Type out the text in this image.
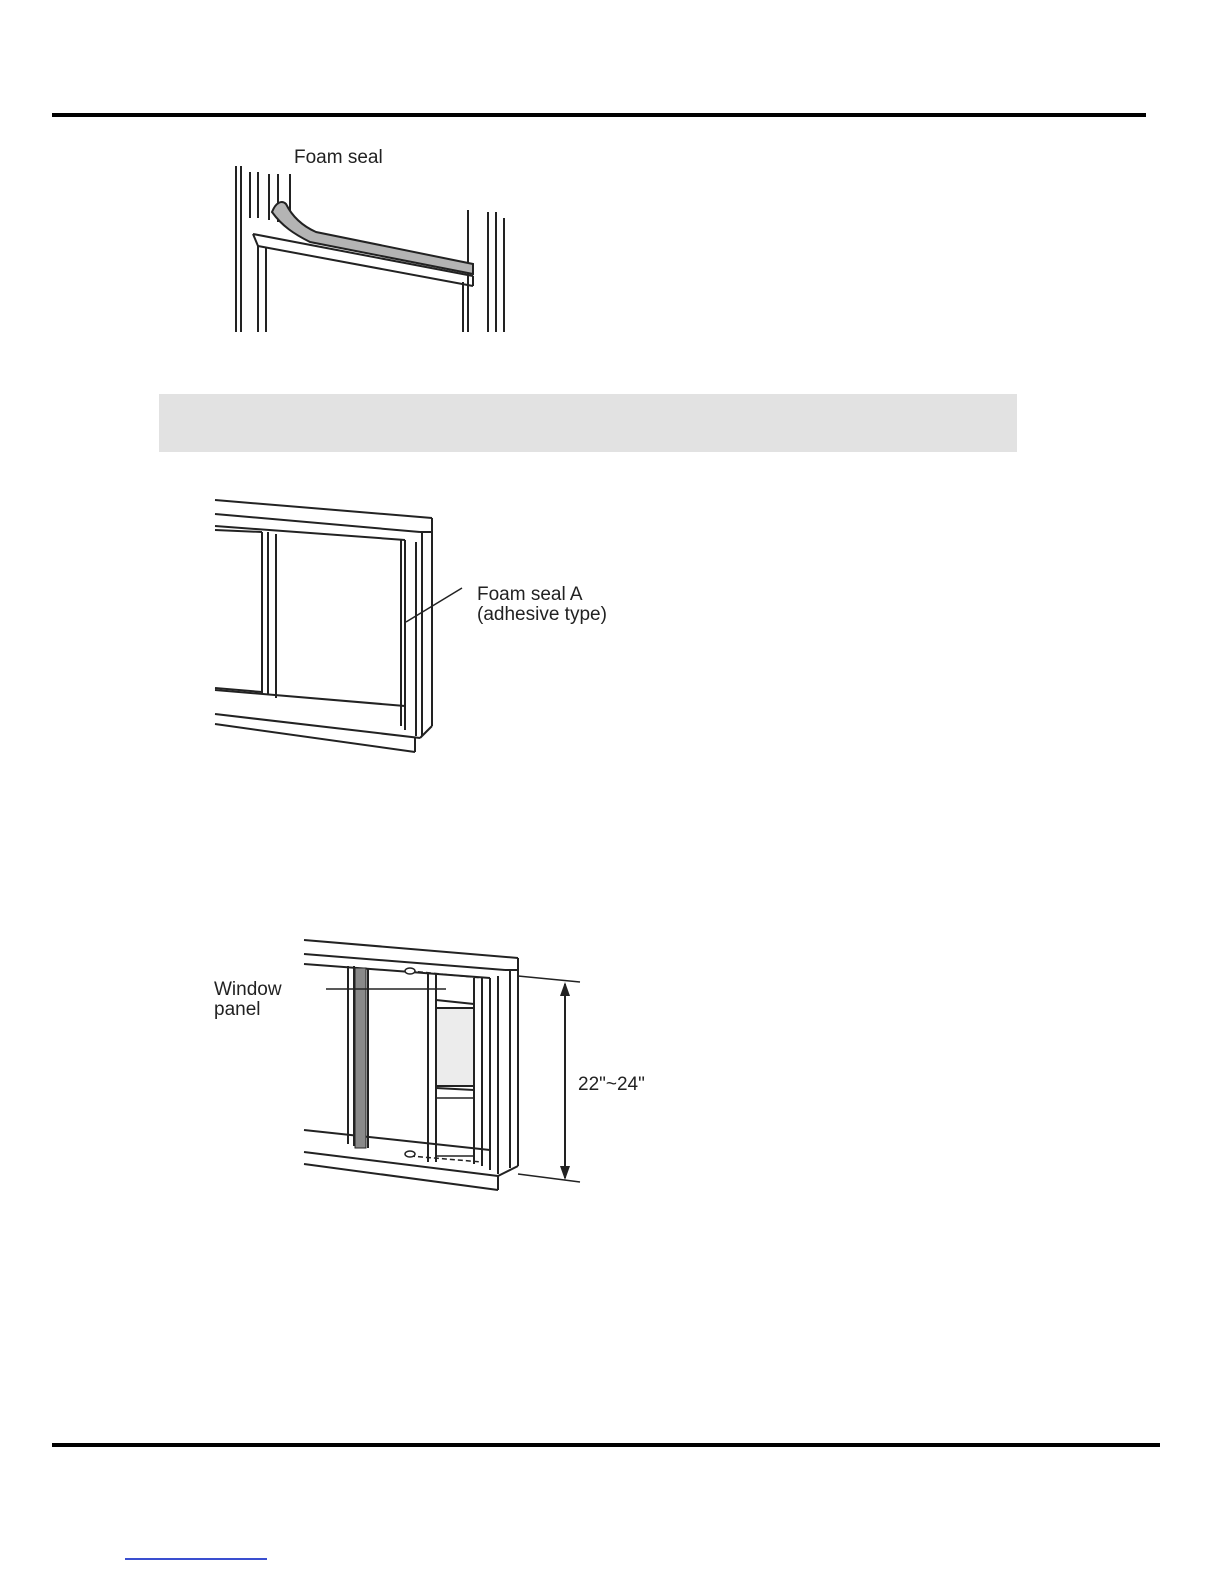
Foam seal
Foam seal A
(adhesive type)
Window
panel
22"~24"
